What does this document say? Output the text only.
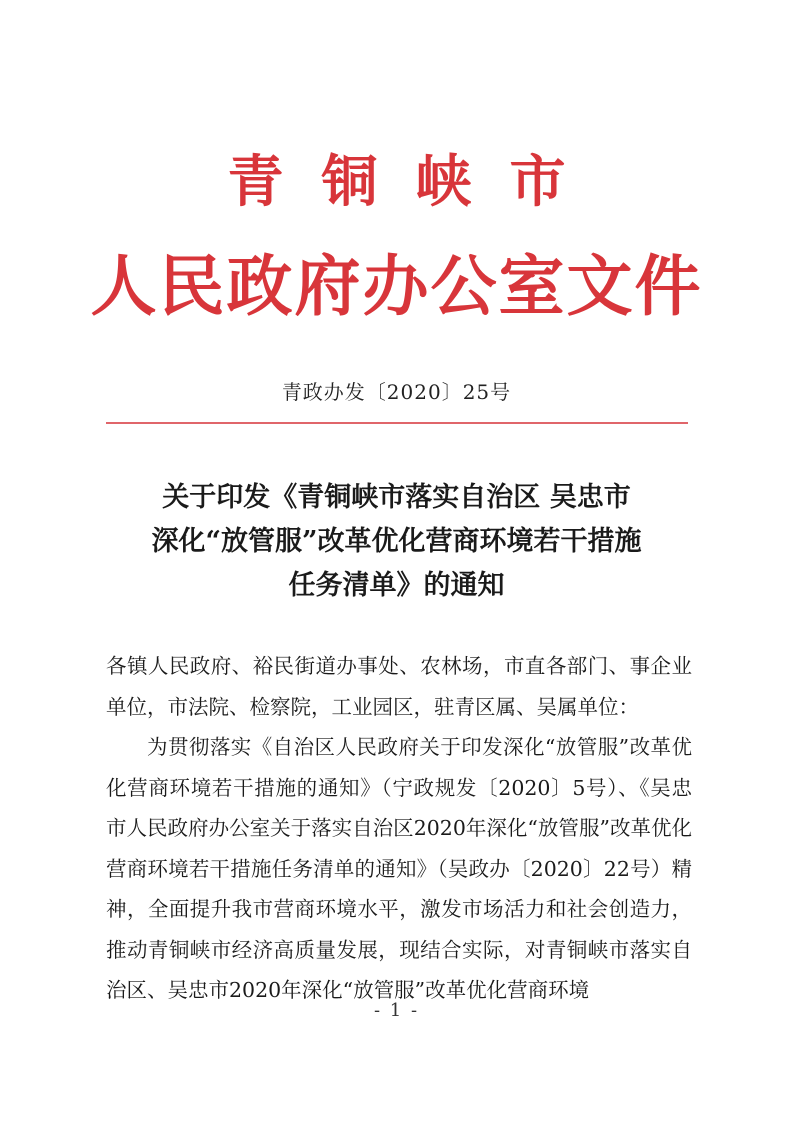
青铜峡市
人民政府办公室文件
青政办发〔2020〕25号
关于印发《青铜峡市落实自治区 吴忠市
深化“放管服”改革优化营商环境若干措施
任务清单》的通知

各镇人民政府、裕民街道办事处、农林场，市直各部门、事企业单位，市法院、检察院，工业园区，驻青区属、吴属单位：

为贯彻落实《自治区人民政府关于印发深化“放管服”改革优化营商环境若干措施的通知》（宁政规发〔2020〕5号）、《吴忠市人民政府办公室关于落实自治区2020年深化“放管服”改革优化营商环境若干措施任务清单的通知》（吴政办〔2020〕22号）精神，全面提升我市营商环境水平，激发市场活力和社会创造力，推动青铜峡市经济高质量发展，现结合实际，对青铜峡市落实自治区、吴忠市2020年深化“放管服”改革优化营商环境

- 1 -
